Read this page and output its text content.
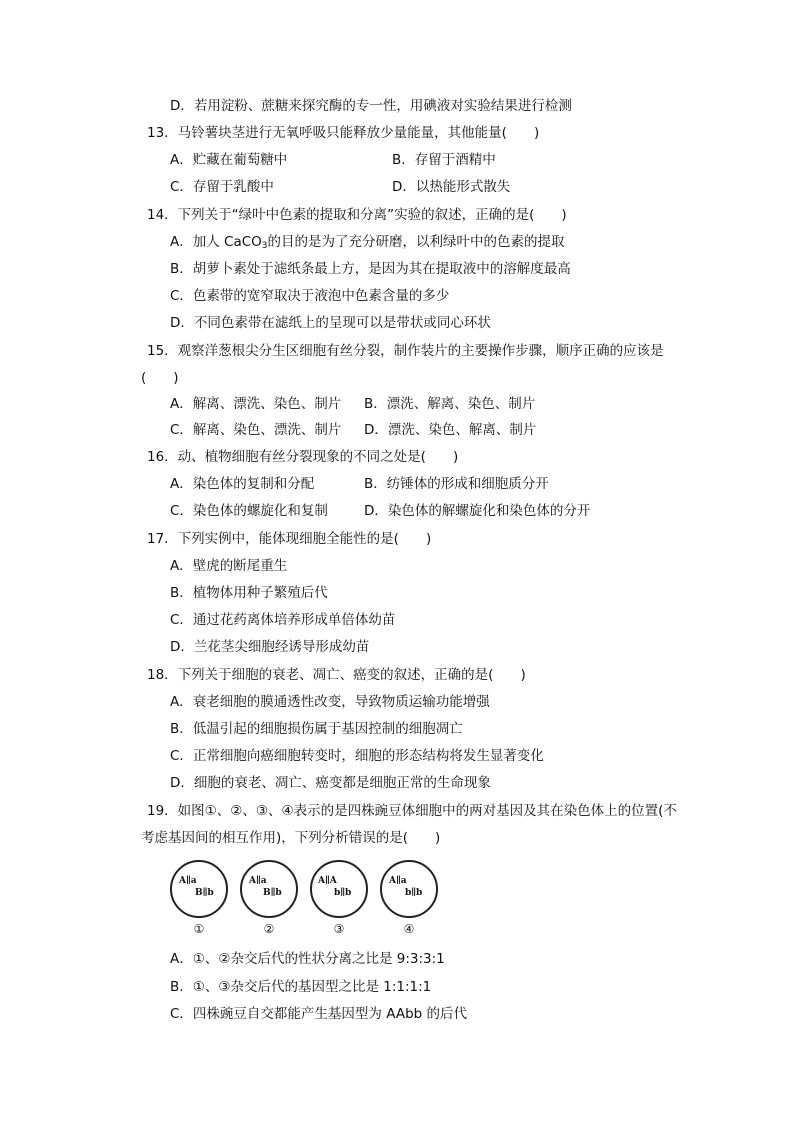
D．若用淀粉、蔗糖来探究酶的专一性，用碘液对实验结果进行检测
13．马铃薯块茎进行无氧呼吸只能释放少量能量，其他能量(　　)
A．贮藏在葡萄糖中	B．存留于酒精中
C．存留于乳酸中	D．以热能形式散失
14．下列关于“绿叶中色素的提取和分离”实验的叙述，正确的是(　　)
A．加人 CaCO$_3$的目的是为了充分研磨，以利绿叶中的色素的提取
B．胡萝卜素处于滤纸条最上方，是因为其在提取液中的溶解度最高
C．色素带的宽窄取决于液泡中色素含量的多少
D．不同色素带在滤纸上的呈现可以是带状或同心环状
15．观察洋葱根尖分生区细胞有丝分裂，制作装片的主要操作步骤，顺序正确的应该是
(　　)
A．解离、漂洗、染色、制片 B．漂洗、解离、染色、制片
C．解离、染色、漂洗、制片 D．漂洗、染色、解离、制片
16．动、植物细胞有丝分裂现象的不同之处是(　　)
A．染色体的复制和分配	B．纺锤体的形成和细胞质分开
C．染色体的螺旋化和复制	D．染色体的解螺旋化和染色体的分开
17．下列实例中，能体现细胞全能性的是(　　)
A．壁虎的断尾重生
B．植物体用种子繁殖后代
C．通过花药离体培养形成单倍体幼苗
D．兰花茎尖细胞经诱导形成幼苗
18．下列关于细胞的衰老、凋亡、癌变的叙述，正确的是(　　)
A．衰老细胞的膜通透性改变，导致物质运输功能增强
B．低温引起的细胞损伤属于基因控制的细胞凋亡
C．正常细胞向癌细胞转变时，细胞的形态结构将发生显著变化
D．细胞的衰老、凋亡、癌变都是细胞正常的生命现象
19．如图①、②、③、④表示的是四株豌豆体细胞中的两对基因及其在染色体上的位置(不
考虑基因间的相互作用)，下列分析错误的是(　　)
A∥a
B∥b
①
A∥a
B∥b
②
A∥A
b∥b
③
A∥a
b∥b
④
A．①、②杂交后代的性状分离之比是 9:3:3:1
B．①、③杂交后代的基因型之比是 1:1:1:1
C．四株豌豆自交都能产生基因型为 AAbb 的后代
